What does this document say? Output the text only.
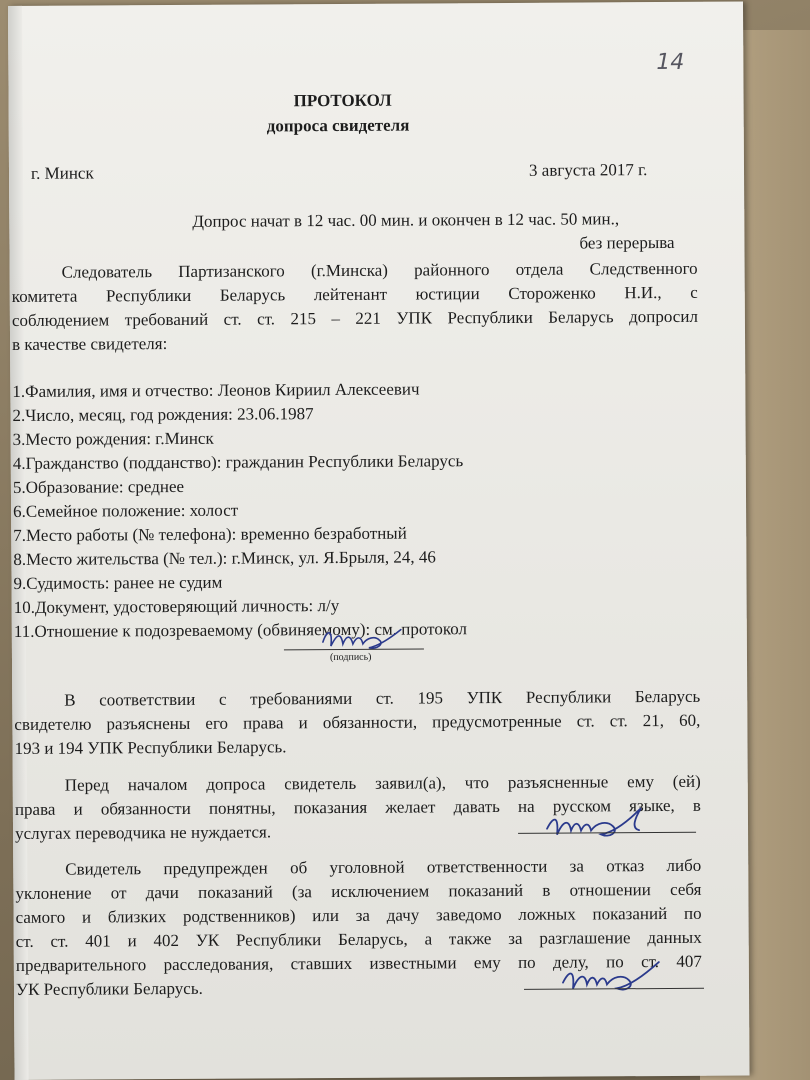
14
ПРОТОКОЛ
допроса свидетеля
г. Минск	3 августа 2017 г.
Допрос начат в 12 час. 00 мин. и окончен в 12 час. 50 мин.,
без перерыва
Следователь Партизанского (г.Минска) районного отдела Следственного
комитета Республики Беларусь лейтенант юстиции Стороженко Н.И., с
соблюдением требований ст. ст. 215 – 221 УПК Республики Беларусь допросил
в качестве свидетеля:
1.Фамилия, имя и отчество: Леонов Кириил Алексеевич
2.Число, месяц, год рождения: 23.06.1987
3.Место рождения: г.Минск
4.Гражданство (подданство): гражданин Республики Беларусь
5.Образование: среднее
6.Семейное положение: холост
7.Место работы (№ телефона): временно безработный
8.Место жительства (№ тел.): г.Минск, ул. Я.Брыля, 24, 46
9.Судимость: ранее не судим
10.Документ, удостоверяющий личность: л/у
11.Отношение к подозреваемому (обвиняемому): см. протокол
(подпись)
В соответствии с требованиями ст. 195 УПК Республики Беларусь
свидетелю разъяснены его права и обязанности, предусмотренные ст. ст. 21, 60,
193 и 194 УПК Республики Беларусь.
Перед началом допроса свидетель заявил(а), что разъясненные ему (ей)
права и обязанности понятны, показания желает давать на русском языке, в
услугах переводчика не нуждается.
Свидетель предупрежден об уголовной ответственности за отказ либо
уклонение от дачи показаний (за исключением показаний в отношении себя
самого и близких родственников) или за дачу заведомо ложных показаний по
ст. ст. 401 и 402 УК Республики Беларусь, а также за разглашение данных
предварительного расследования, ставших известными ему по делу, по ст. 407
УК Республики Беларусь.
